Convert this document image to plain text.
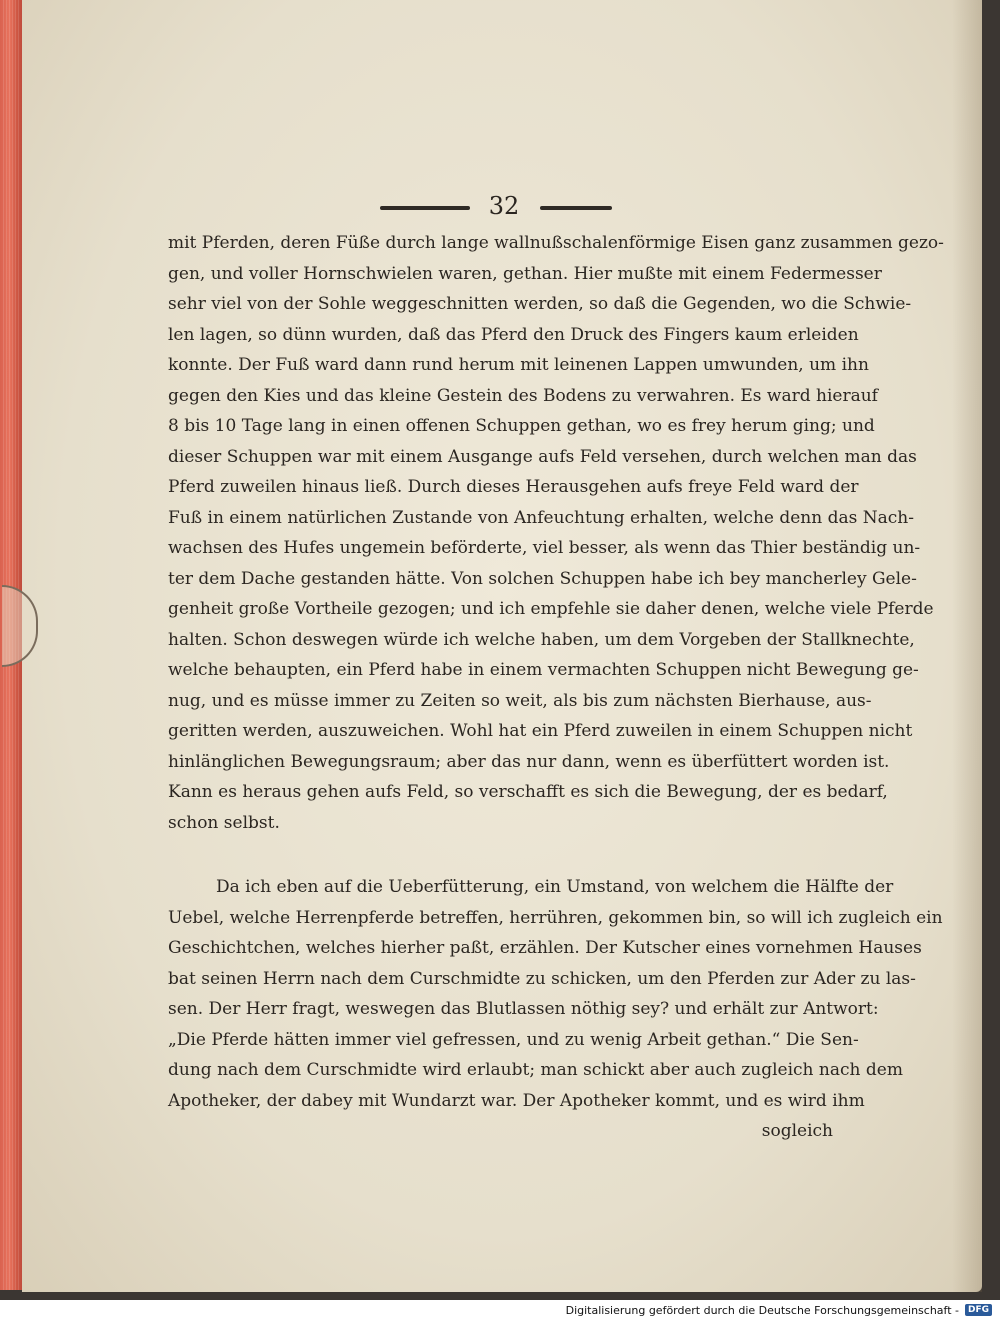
32
mit Pferden, deren Füße durch lange wallnußschalenförmige Eisen ganz zusammen gezo-
gen, und voller Hornschwielen waren, gethan. Hier mußte mit einem Federmesser
sehr viel von der Sohle weggeschnitten werden, so daß die Gegenden, wo die Schwie-
len lagen, so dünn wurden, daß das Pferd den Druck des Fingers kaum erleiden
konnte. Der Fuß ward dann rund herum mit leinenen Lappen umwunden, um ihn
gegen den Kies und das kleine Gestein des Bodens zu verwahren. Es ward hierauf
8 bis 10 Tage lang in einen offenen Schuppen gethan, wo es frey herum ging; und
dieser Schuppen war mit einem Ausgange aufs Feld versehen, durch welchen man das
Pferd zuweilen hinaus ließ. Durch dieses Herausgehen aufs freye Feld ward der
Fuß in einem natürlichen Zustande von Anfeuchtung erhalten, welche denn das Nach-
wachsen des Hufes ungemein beförderte, viel besser, als wenn das Thier beständig un-
ter dem Dache gestanden hätte. Von solchen Schuppen habe ich bey mancherley Gele-
genheit große Vortheile gezogen; und ich empfehle sie daher denen, welche viele Pferde
halten. Schon deswegen würde ich welche haben, um dem Vorgeben der Stallknechte,
welche behaupten, ein Pferd habe in einem vermachten Schuppen nicht Bewegung ge-
nug, und es müsse immer zu Zeiten so weit, als bis zum nächsten Bierhause, aus-
geritten werden, auszuweichen. Wohl hat ein Pferd zuweilen in einem Schuppen nicht
hinlänglichen Bewegungsraum; aber das nur dann, wenn es überfüttert worden ist.
Kann es heraus gehen aufs Feld, so verschafft es sich die Bewegung, der es bedarf,
schon selbst.
Da ich eben auf die Ueberfütterung, ein Umstand, von welchem die Hälfte der
Uebel, welche Herrenpferde betreffen, herrühren, gekommen bin, so will ich zugleich ein
Geschichtchen, welches hierher paßt, erzählen. Der Kutscher eines vornehmen Hauses
bat seinen Herrn nach dem Curschmidte zu schicken, um den Pferden zur Ader zu las-
sen. Der Herr fragt, weswegen das Blutlassen nöthig sey? und erhält zur Antwort:
„Die Pferde hätten immer viel gefressen, und zu wenig Arbeit gethan.“ Die Sen-
dung nach dem Curschmidte wird erlaubt; man schickt aber auch zugleich nach dem
Apotheker, der dabey mit Wundarzt war. Der Apotheker kommt, und es wird ihm
sogleich
Digitalisierung gefördert durch die Deutsche Forschungsgemeinschaft -	DFG
